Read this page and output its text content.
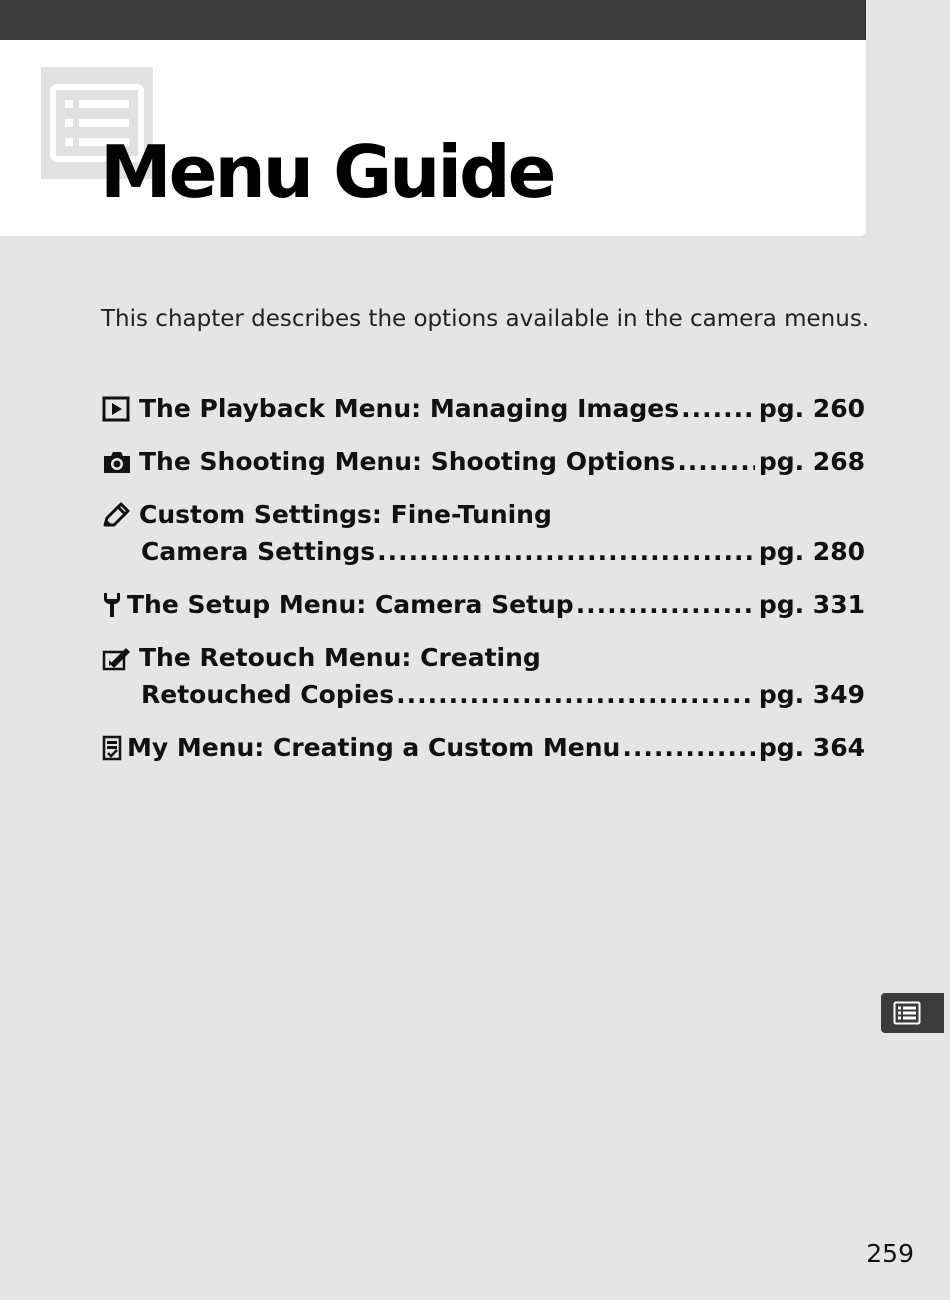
Menu Guide

This chapter describes the options available in the camera menus.

The Playback Menu: Managing Images .....	pg. 260
The Shooting Menu: Shooting Options .....	pg. 268
Custom Settings: Fine-Tuning
Camera Settings .....	pg. 280
The Setup Menu: Camera Setup .....	pg. 331
The Retouch Menu: Creating
Retouched Copies .....	pg. 349
My Menu: Creating a Custom Menu .....	pg. 364
259
